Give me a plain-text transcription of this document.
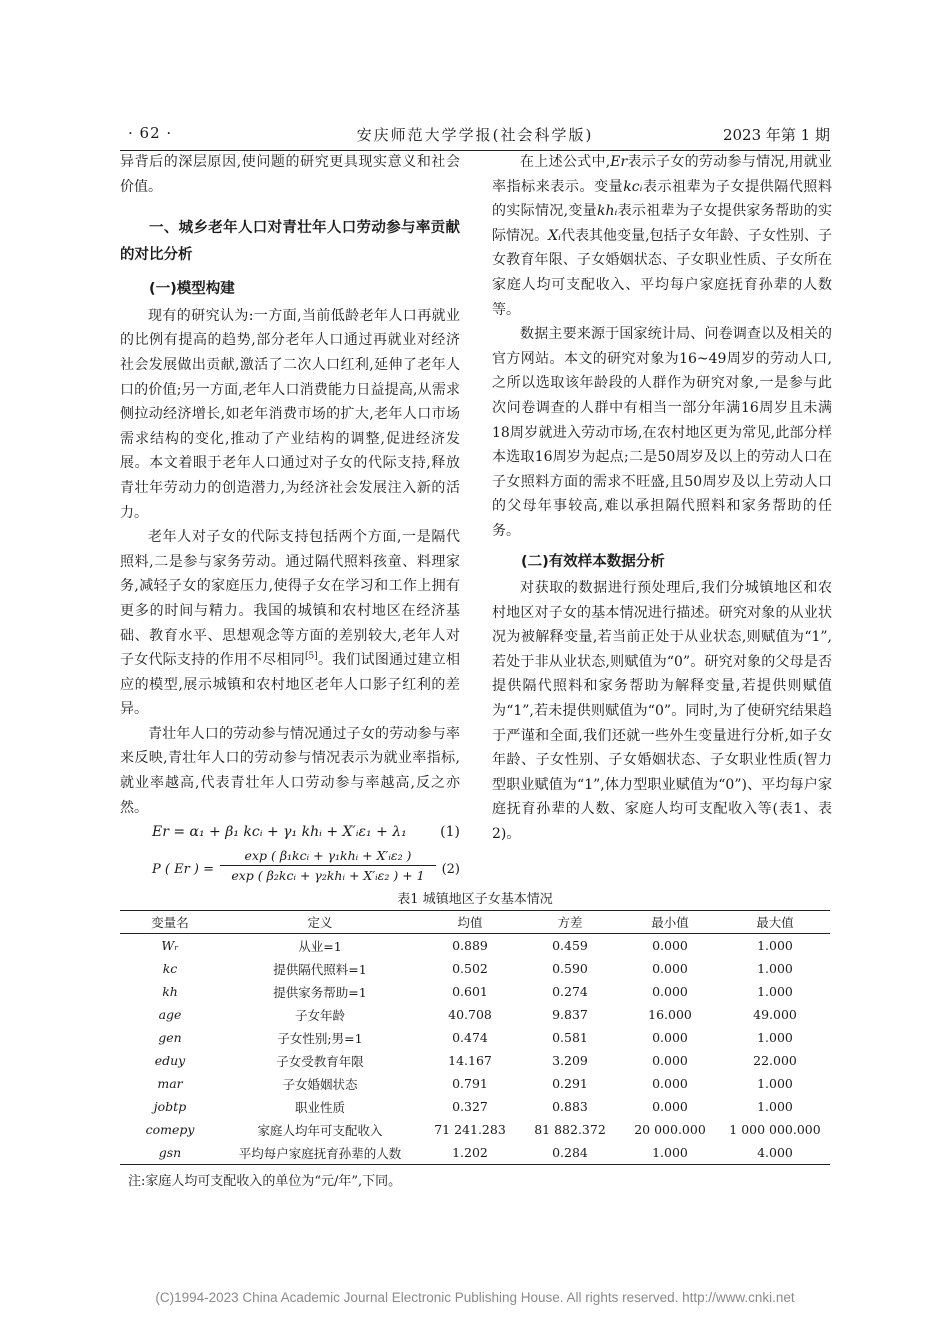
· 62 ·	安庆师范大学学报(社会科学版)	2023 年第 1 期

异背后的深层原因,使问题的研究更具现实意义和社会价值。

一、城乡老年人口对青壮年人口劳动参与率贡献的对比分析
(一)模型构建

现有的研究认为:一方面,当前低龄老年人口再就业的比例有提高的趋势,部分老年人口通过再就业对经济社会发展做出贡献,激活了二次人口红利,延伸了老年人口的价值;另一方面,老年人口消费能力日益提高,从需求侧拉动经济增长,如老年消费市场的扩大,老年人口市场需求结构的变化,推动了产业结构的调整,促进经济发展。本文着眼于老年人口通过对子女的代际支持,释放青壮年劳动力的创造潜力,为经济社会发展注入新的活力。

老年人对子女的代际支持包括两个方面,一是隔代照料,二是参与家务劳动。通过隔代照料孩童、料理家务,减轻子女的家庭压力,使得子女在学习和工作上拥有更多的时间与精力。我国的城镇和农村地区在经济基础、教育水平、思想观念等方面的差别较大,老年人对子女代际支持的作用不尽相同[5]。我们试图通过建立相应的模型,展示城镇和农村地区老年人口影子红利的差异。

青壮年人口的劳动参与情况通过子女的劳动参与率来反映,青壮年人口的劳动参与情况表示为就业率指标,就业率越高,代表青壮年人口劳动参与率越高,反之亦然。

Er = α₁ + β₁ kcᵢ + γ₁ khᵢ + X′ᵢε₁ + λ₁ (1)
P ( Er ) =
exp ( β₁kcᵢ + γ₁khᵢ + X′ᵢε₂ )
exp ( β₂kcᵢ + γ₂khᵢ + X′ᵢε₂ ) + 1	(2)

在上述公式中,Er表示子女的劳动参与情况,用就业率指标来表示。变量kcᵢ表示祖辈为子女提供隔代照料的实际情况,变量khᵢ表示祖辈为子女提供家务帮助的实际情况。Xᵢ代表其他变量,包括子女年龄、子女性别、子女教育年限、子女婚姻状态、子女职业性质、子女所在家庭人均可支配收入、平均每户家庭抚育孙辈的人数等。

数据主要来源于国家统计局、问卷调查以及相关的官方网站。本文的研究对象为16~49周岁的劳动人口,之所以选取该年龄段的人群作为研究对象,一是参与此次问卷调查的人群中有相当一部分年满16周岁且未满18周岁就进入劳动市场,在农村地区更为常见,此部分样本选取16周岁为起点;二是50周岁及以上的劳动人口在子女照料方面的需求不旺盛,且50周岁及以上劳动人口的父母年事较高,难以承担隔代照料和家务帮助的任务。

(二)有效样本数据分析

对获取的数据进行预处理后,我们分城镇地区和农村地区对子女的基本情况进行描述。研究对象的从业状况为被解释变量,若当前正处于从业状态,则赋值为“1”,若处于非从业状态,则赋值为“0”。研究对象的父母是否提供隔代照料和家务帮助为解释变量,若提供则赋值为“1”,若未提供则赋值为“0”。同时,为了使研究结果趋于严谨和全面,我们还就一些外生变量进行分析,如子女年龄、子女性别、子女婚姻状态、子女职业性质(智力型职业赋值为“1”,体力型职业赋值为“0”)、平均每户家庭抚育孙辈的人数、家庭人均可支配收入等(表1、表2)。

表1 城镇地区子女基本情况
变量名	定义	均值	方差	最小值	最大值
Wᵣ	从业=1	0.889	0.459	0.000	1.000
kc	提供隔代照料=1	0.502	0.590	0.000	1.000
kh	提供家务帮助=1	0.601	0.274	0.000	1.000
age	子女年龄	40.708	9.837	16.000	49.000
gen	子女性别;男=1	0.474	0.581	0.000	1.000
eduy	子女受教育年限	14.167	3.209	0.000	22.000
mar	子女婚姻状态	0.791	0.291	0.000	1.000
jobtp	职业性质	0.327	0.883	0.000	1.000
comepy	家庭人均年可支配收入	71 241.283	81 882.372	20 000.000	1 000 000.000
gsn	平均每户家庭抚育孙辈的人数	1.202	0.284	1.000	4.000
注:家庭人均可支配收入的单位为“元/年”,下同。
(C)1994-2023 China Academic Journal Electronic Publishing House. All rights reserved. http://www.cnki.net
